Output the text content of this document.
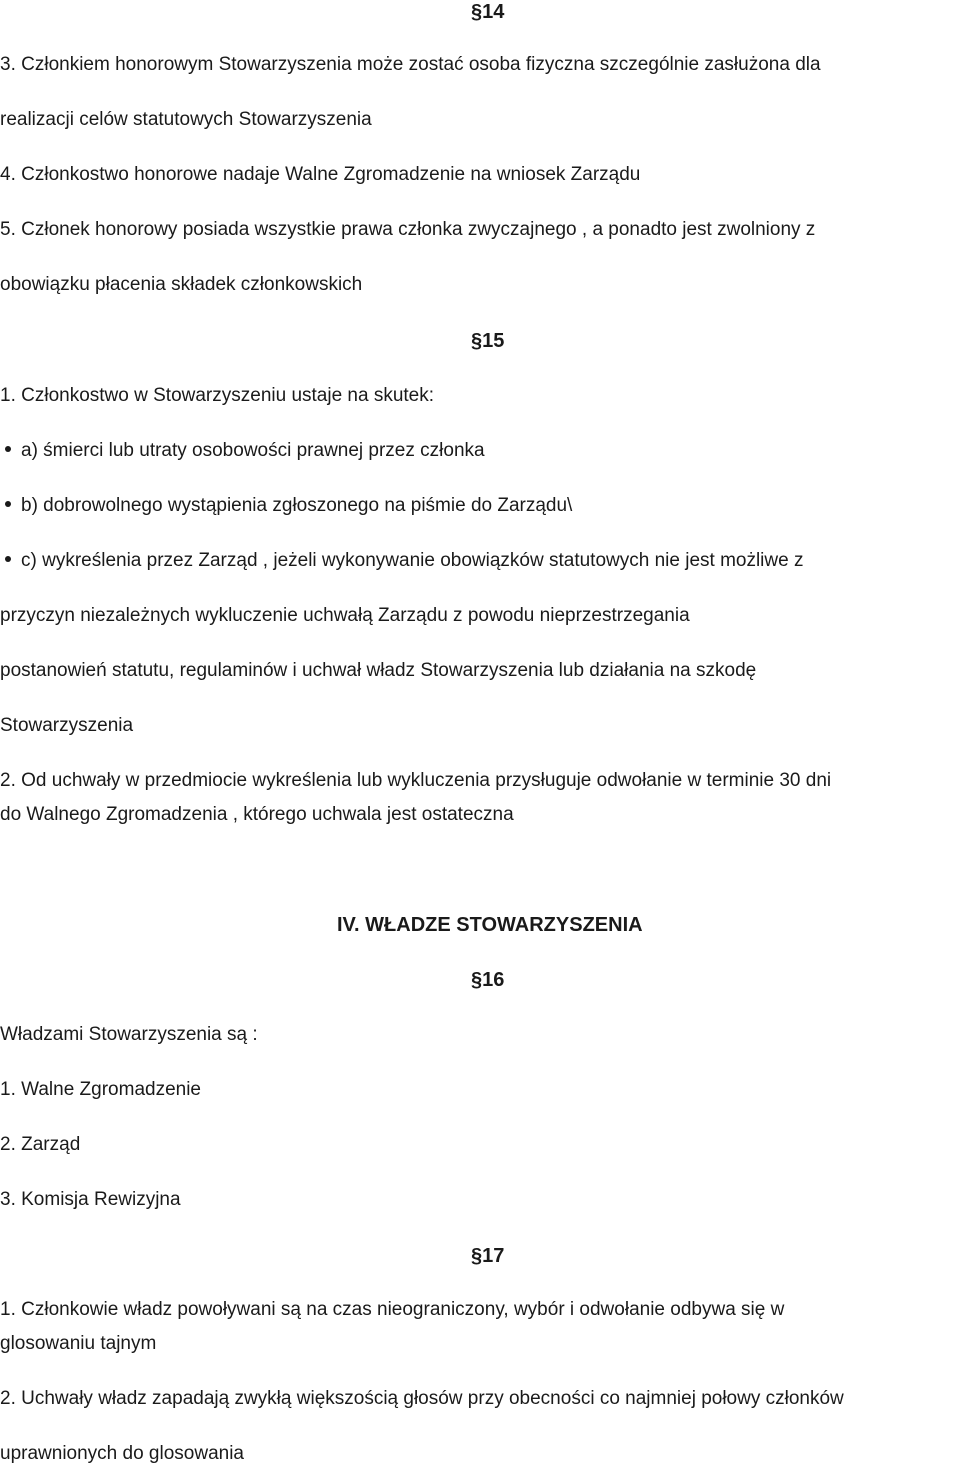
§14
3. Członkiem honorowym Stowarzyszenia może zostać osoba fizyczna szczególnie zasłużona dla
realizacji celów statutowych Stowarzyszenia
4. Członkostwo honorowe nadaje Walne Zgromadzenie na wniosek Zarządu
5. Członek honorowy posiada wszystkie prawa członka zwyczajnego , a ponadto jest zwolniony z
obowiązku płacenia składek członkowskich
§15
1. Członkostwo w Stowarzyszeniu ustaje na skutek:
a) śmierci lub utraty osobowości prawnej przez członka
b) dobrowolnego wystąpienia zgłoszonego na piśmie do Zarządu\
c) wykreślenia przez Zarząd , jeżeli wykonywanie obowiązków statutowych nie jest możliwe z
przyczyn niezależnych wykluczenie uchwałą Zarządu z powodu nieprzestrzegania
postanowień statutu, regulaminów i uchwał władz Stowarzyszenia lub działania na szkodę
Stowarzyszenia
2. Od uchwały w przedmiocie wykreślenia lub wykluczenia przysługuje odwołanie w terminie 30 dni
do Walnego Zgromadzenia , którego uchwala jest ostateczna
IV. WŁADZE STOWARZYSZENIA
§16
Władzami Stowarzyszenia są :
1. Walne Zgromadzenie
2. Zarząd
3. Komisja Rewizyjna
§17
1. Członkowie władz powoływani są na czas nieograniczony, wybór i odwołanie odbywa się w
glosowaniu tajnym
2. Uchwały władz zapadają zwykłą większością głosów przy obecności co najmniej połowy członków
uprawnionych do glosowania
